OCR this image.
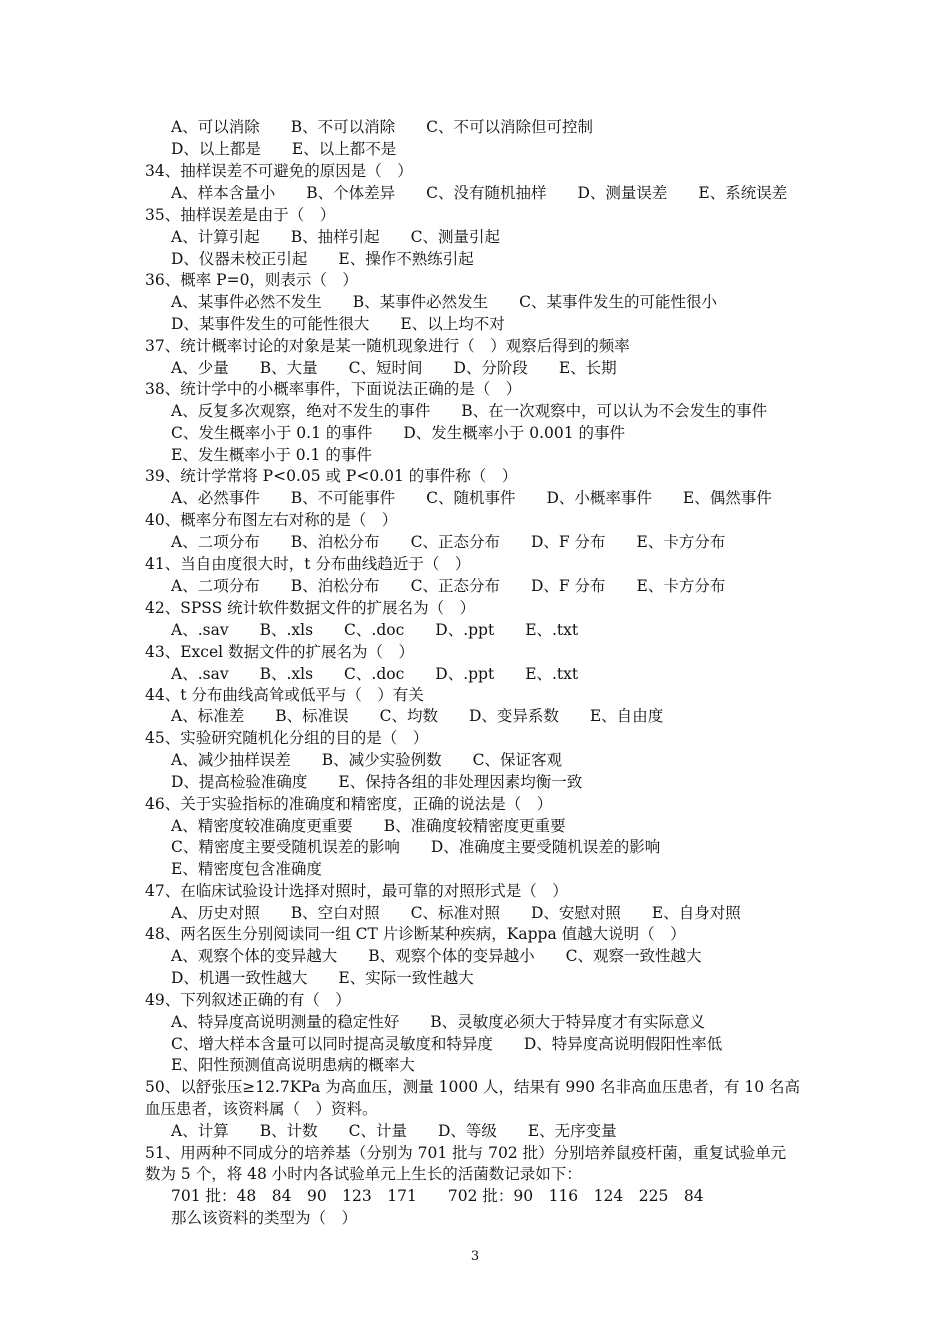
A、可以消除　　B、不可以消除　　C、不可以消除但可控制
D、以上都是　　E、以上都不是
34、抽样误差不可避免的原因是（　）
A、样本含量小　　B、个体差异　　C、没有随机抽样　　D、测量误差　　E、系统误差
35、抽样误差是由于（　）
A、计算引起　　B、抽样引起　　C、测量引起
D、仪器未校正引起　　E、操作不熟练引起
36、概率 P=0，则表示（　）
A、某事件必然不发生　　B、某事件必然发生　　C、某事件发生的可能性很小
D、某事件发生的可能性很大　　E、以上均不对
37、统计概率讨论的对象是某一随机现象进行（　）观察后得到的频率
A、少量　　B、大量　　C、短时间　　D、分阶段　　E、长期
38、统计学中的小概率事件，下面说法正确的是（　）
A、反复多次观察，绝对不发生的事件　　B、在一次观察中，可以认为不会发生的事件
C、发生概率小于 0.1 的事件　　D、发生概率小于 0.001 的事件
E、发生概率小于 0.1 的事件
39、统计学常将 P<0.05 或 P<0.01 的事件称（　）
A、必然事件　　B、不可能事件　　C、随机事件　　D、小概率事件　　E、偶然事件
40、概率分布图左右对称的是（　）
A、二项分布　　B、泊松分布　　C、正态分布　　D、F 分布　　E、卡方分布
41、当自由度很大时，t 分布曲线趋近于（　）
A、二项分布　　B、泊松分布　　C、正态分布　　D、F 分布　　E、卡方分布
42、SPSS 统计软件数据文件的扩展名为（　）
A、.sav　　B、.xls　　C、.doc　　D、.ppt　　E、.txt
43、Excel 数据文件的扩展名为（　）
A、.sav　　B、.xls　　C、.doc　　D、.ppt　　E、.txt
44、t 分布曲线高耸或低平与（　）有关
A、标准差　　B、标准误　　C、均数　　D、变异系数　　E、自由度
45、实验研究随机化分组的目的是（　）
A、减少抽样误差　　B、减少实验例数　　C、保证客观
D、提高检验准确度　　E、保持各组的非处理因素均衡一致
46、关于实验指标的准确度和精密度，正确的说法是（　）
A、精密度较准确度更重要　　B、准确度较精密度更重要
C、精密度主要受随机误差的影响　　D、准确度主要受随机误差的影响
E、精密度包含准确度
47、在临床试验设计选择对照时，最可靠的对照形式是（　）
A、历史对照　　B、空白对照　　C、标准对照　　D、安慰对照　　E、自身对照
48、两名医生分别阅读同一组 CT 片诊断某种疾病，Kappa 值越大说明（　）
A、观察个体的变异越大　　B、观察个体的变异越小　　C、观察一致性越大
D、机遇一致性越大　　E、实际一致性越大
49、下列叙述正确的有（　）
A、特异度高说明测量的稳定性好　　B、灵敏度必须大于特异度才有实际意义
C、增大样本含量可以同时提高灵敏度和特异度　　D、特异度高说明假阳性率低
E、阳性预测值高说明患病的概率大
50、以舒张压≥12.7KPa 为高血压，测量 1000 人，结果有 990 名非高血压患者，有 10 名高
血压患者，该资料属（　）资料。
A、计算　　B、计数　　C、计量　　D、等级　　E、无序变量
51、用两种不同成分的培养基（分别为 701 批与 702 批）分别培养鼠疫杆菌，重复试验单元
数为 5 个，将 48 小时内各试验单元上生长的活菌数记录如下：
701 批：48　84　90　123　171　　702 批：90　116　124　225　84
那么该资料的类型为（　）
3
